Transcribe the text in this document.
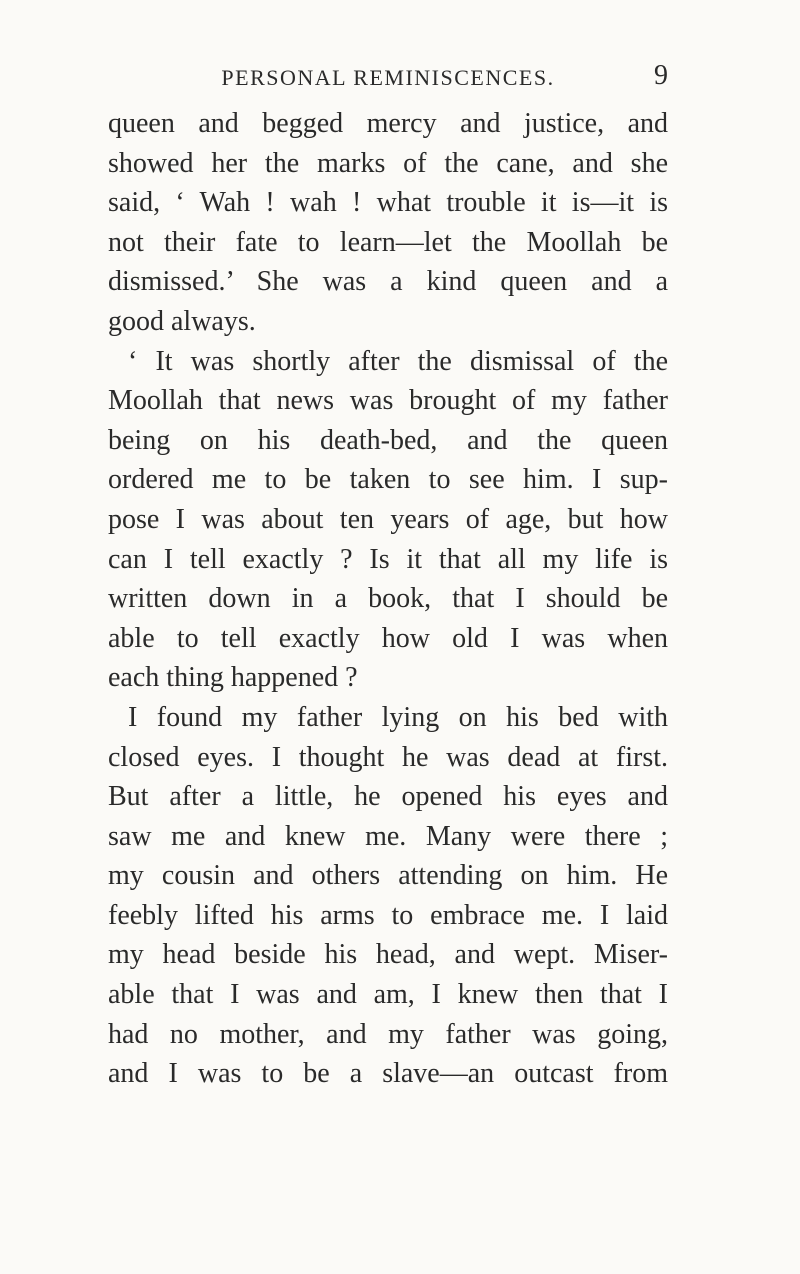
PERSONAL REMINISCENCES.	9
queen and begged mercy and justice, and
showed her the marks of the cane, and she
said, ‘ Wah ! wah ! what trouble it is—it is
not their fate to learn—let the Moollah be
dismissed.’ She was a kind queen and a
good always.
‘ It was shortly after the dismissal of the
Moollah that news was brought of my father
being on his death-bed, and the queen
ordered me to be taken to see him. I sup-
pose I was about ten years of age, but how
can I tell exactly ? Is it that all my life is
written down in a book, that I should be
able to tell exactly how old I was when
each thing happened ?
I found my father lying on his bed with
closed eyes. I thought he was dead at first.
But after a little, he opened his eyes and
saw me and knew me. Many were there ;
my cousin and others attending on him. He
feebly lifted his arms to embrace me. I laid
my head beside his head, and wept. Miser-
able that I was and am, I knew then that I
had no mother, and my father was going,
and I was to be a slave—an outcast from
